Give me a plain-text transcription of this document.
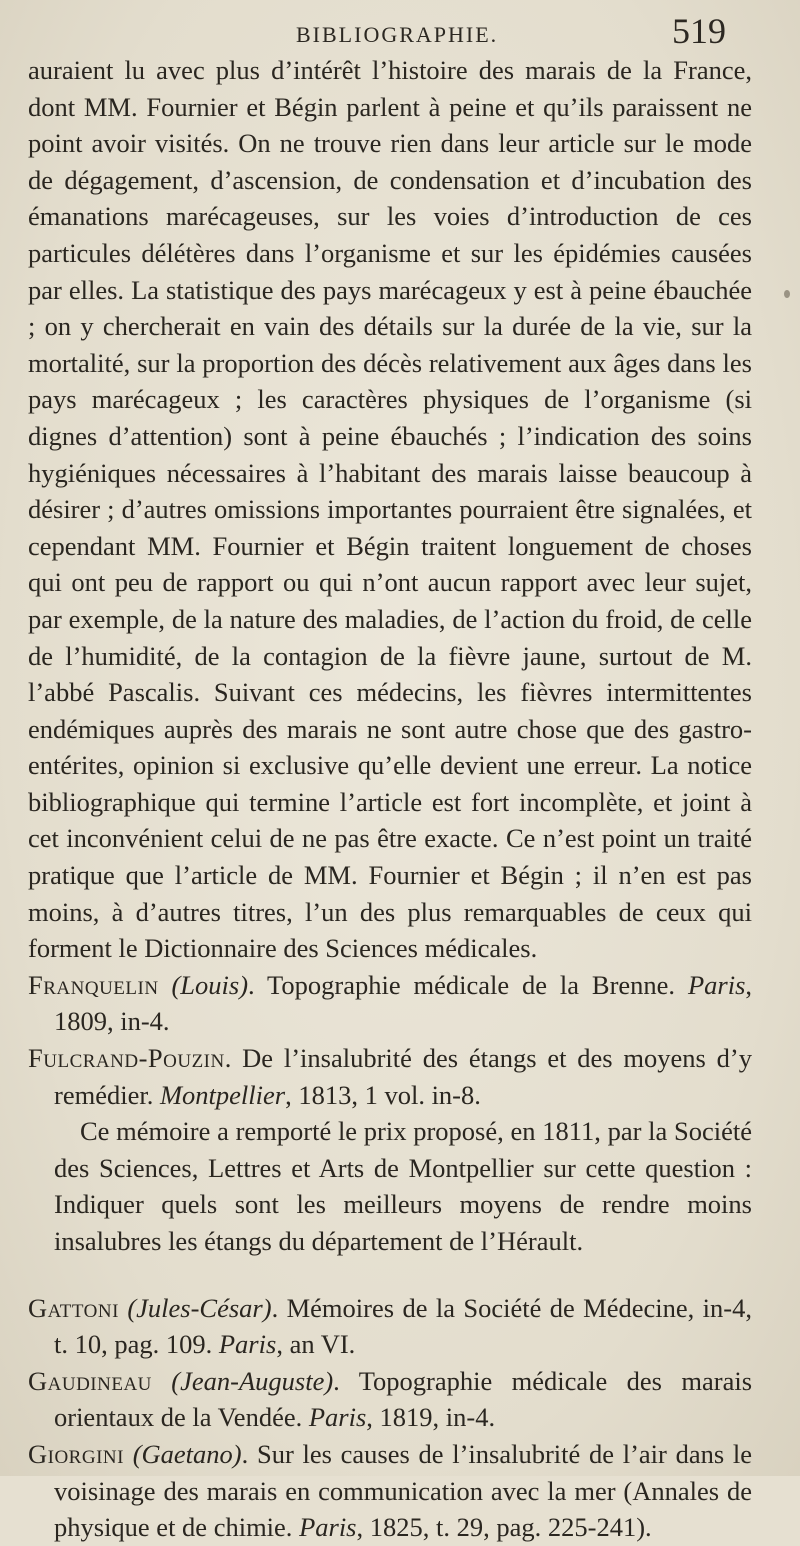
BIBLIOGRAPHIE.	519

auraient lu avec plus d’intérêt l’histoire des marais de la France, dont MM. Fournier et Bégin parlent à peine et qu’ils paraissent ne point avoir visités. On ne trouve rien dans leur article sur le mode de dégagement, d’ascension, de condensation et d’incubation des émanations marécageuses, sur les voies d’introduction de ces particules délétères dans l’organisme et sur les épidémies causées par elles. La statistique des pays marécageux y est à peine ébauchée ; on y chercherait en vain des détails sur la durée de la vie, sur la mortalité, sur la proportion des décès relativement aux âges dans les pays marécageux ; les caractères physiques de l’organisme (si dignes d’attention) sont à peine ébauchés ; l’indication des soins hygiéniques nécessaires à l’habitant des marais laisse beaucoup à désirer ; d’autres omissions importantes pourraient être signalées, et cependant MM. Fournier et Bégin traitent longuement de choses qui ont peu de rapport ou qui n’ont aucun rapport avec leur sujet, par exemple, de la nature des maladies, de l’action du froid, de celle de l’humidité, de la contagion de la fièvre jaune, surtout de M. l’abbé Pascalis. Suivant ces médecins, les fièvres intermittentes endémiques auprès des marais ne sont autre chose que des gastro-entérites, opinion si exclusive qu’elle devient une erreur. La notice bibliographique qui termine l’article est fort incomplète, et joint à cet inconvénient celui de ne pas être exacte. Ce n’est point un traité pratique que l’article de MM. Fournier et Bégin ; il n’en est pas moins, à d’autres titres, l’un des plus remarquables de ceux qui forment le Dictionnaire des Sciences médicales.

Franquelin (Louis). Topographie médicale de la Brenne. Paris, 1809, in-4.

Fulcrand-Pouzin. De l’insalubrité des étangs et des moyens d’y remédier. Montpellier, 1813, 1 vol. in-8.
Ce mémoire a remporté le prix proposé, en 1811, par la Société des Sciences, Lettres et Arts de Montpellier sur cette question : Indiquer quels sont les meilleurs moyens de rendre moins insalubres les étangs du département de l’Hérault.

Gattoni (Jules-César). Mémoires de la Société de Médecine, in-4, t. 10, pag. 109. Paris, an VI.

Gaudineau (Jean-Auguste). Topographie médicale des marais orientaux de la Vendée. Paris, 1819, in-4.

Giorgini (Gaetano). Sur les causes de l’insalubrité de l’air dans le voisinage des marais en communication avec la mer (Annales de physique et de chimie. Paris, 1825, t. 29, pag. 225-241).
